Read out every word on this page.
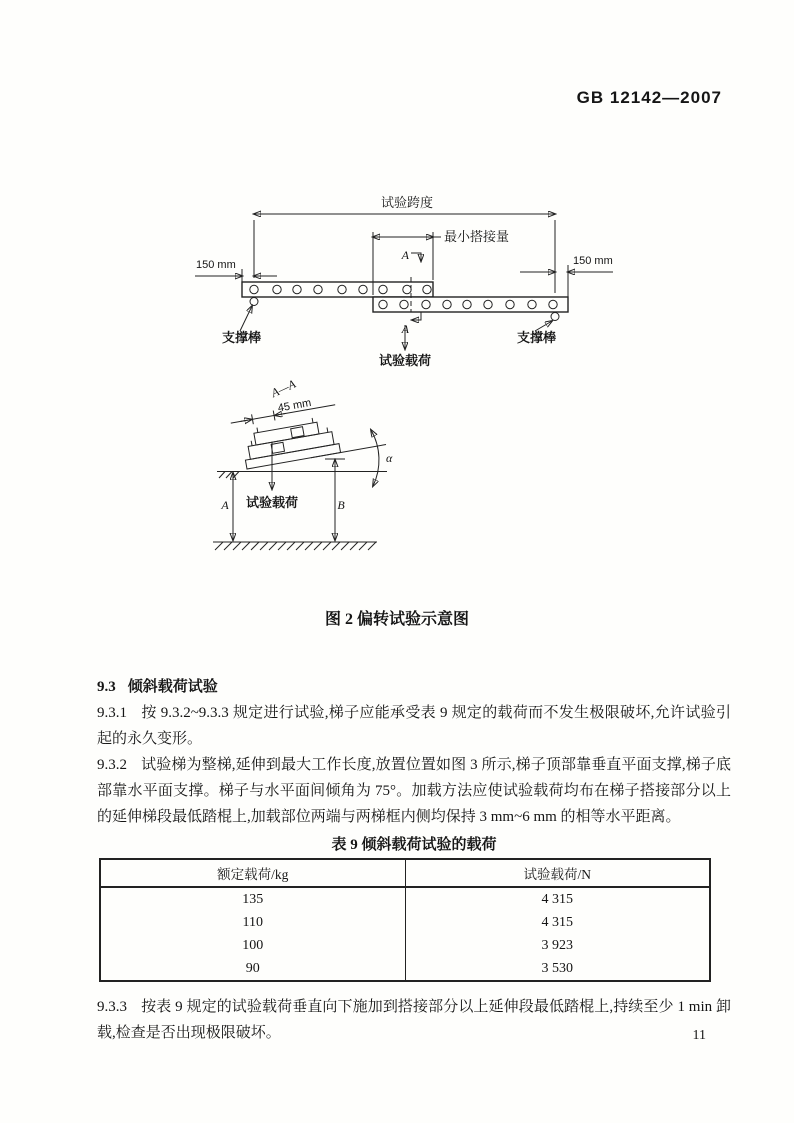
GB 12142—2007
试验跨度
最小搭接量
150 mm	150 mm
A
A
试验载荷
支撑棒	支撑棒
A—A
45 mm
α
试验载荷
A	B
图 2 偏转试验示意图
9.3 倾斜载荷试验

9.3.1 按 9.3.2~9.3.3 规定进行试验,梯子应能承受表 9 规定的载荷而不发生极限破坏,允许试验引起的永久变形。

9.3.2 试验梯为整梯,延伸到最大工作长度,放置位置如图 3 所示,梯子顶部靠垂直平面支撑,梯子底部靠水平面支撑。梯子与水平面间倾角为 75°。加载方法应使试验载荷均布在梯子搭接部分以上的延伸梯段最低踏棍上,加载部位两端与两梯框内侧均保持 3 mm~6 mm 的相等水平距离。

表 9 倾斜载荷试验的载荷
额定载荷/kg	试验载荷/N
135	4 315
110	4 315
100	3 923
90	3 530

9.3.3 按表 9 规定的试验载荷垂直向下施加到搭接部分以上延伸段最低踏棍上,持续至少 1 min 卸载,检查是否出现极限破坏。	11
